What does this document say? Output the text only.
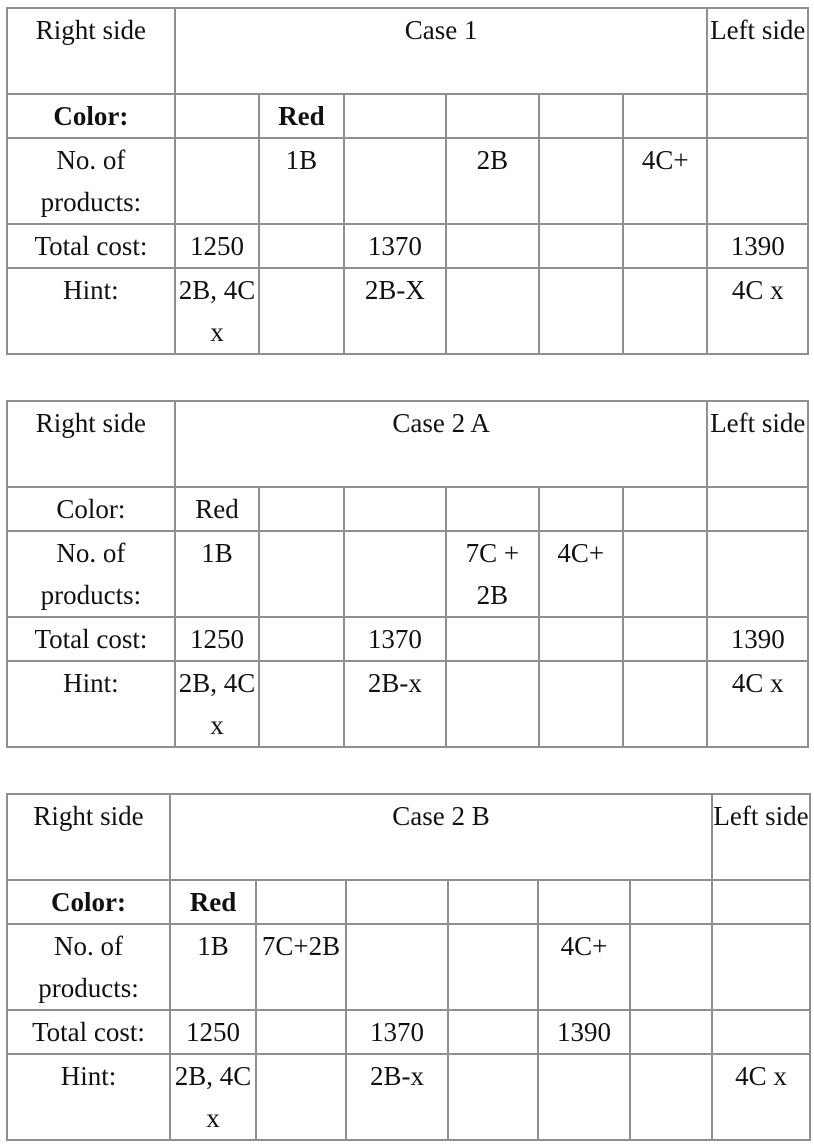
Right side	Case 1						Left side
Color:		Red					
No. of products:		1B		2B		4C+	
Total cost:	1250		1370				1390
Hint:	2B, 4C x		2B-X				4C x
Right side	Case 2 A						Left side
Color:	Red						
No. of products:	1B			7C + 2B	4C+		
Total cost:	1250		1370				1390
Hint:	2B, 4C x		2B-x				4C x
Right side	Case 2 B						Left side
Color:	Red						
No. of products:	1B	7C+2B			4C+		
Total cost:	1250		1370		1390		
Hint:	2B, 4C x		2B-x				4C x
